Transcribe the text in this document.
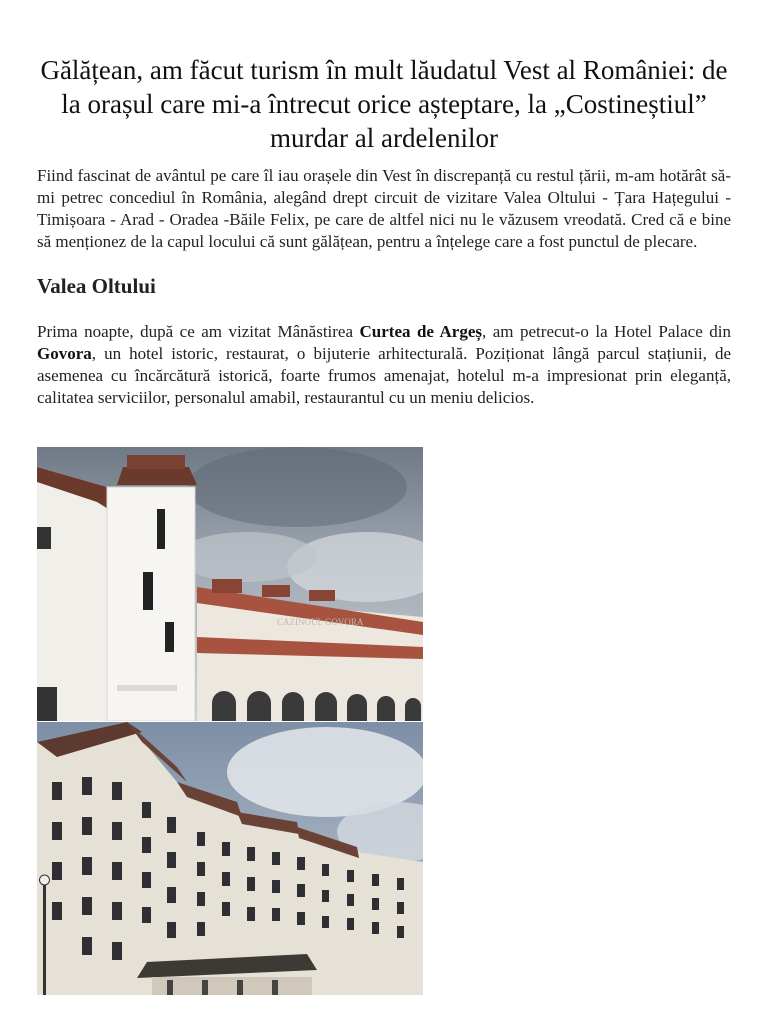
Gălățean, am făcut turism în mult lăudatul Vest al României: de la orașul care mi-a întrecut orice așteptare, la „Costineștiul” murdar al ardelenilor

Fiind fascinat de avântul pe care îl iau orașele din Vest în discrepanță cu restul țării, m-am hotărât să-mi petrec concediul în România, alegând drept circuit de vizitare Valea Oltului - Țara Hațegului - Timișoara - Arad - Oradea -Băile Felix, pe care de altfel nici nu le văzusem vreodată. Cred că e bine să menționez de la capul locului că sunt gălățean, pentru a înțelege care a fost punctul de plecare.

Valea Oltului

Prima noapte, după ce am vizitat Mânăstirea Curtea de Argeș, am petrecut-o la Hotel Palace din Govora, un hotel istoric, restaurat, o bijuterie arhitecturală. Poziționat lângă parcul stațiunii, de asemenea cu încărcătură istorică, foarte frumos amenajat, hotelul m-a impresionat prin eleganță, calitatea serviciilor, personalul amabil, restaurantul cu un meniu delicios.

CAZINOUL GOVORA
